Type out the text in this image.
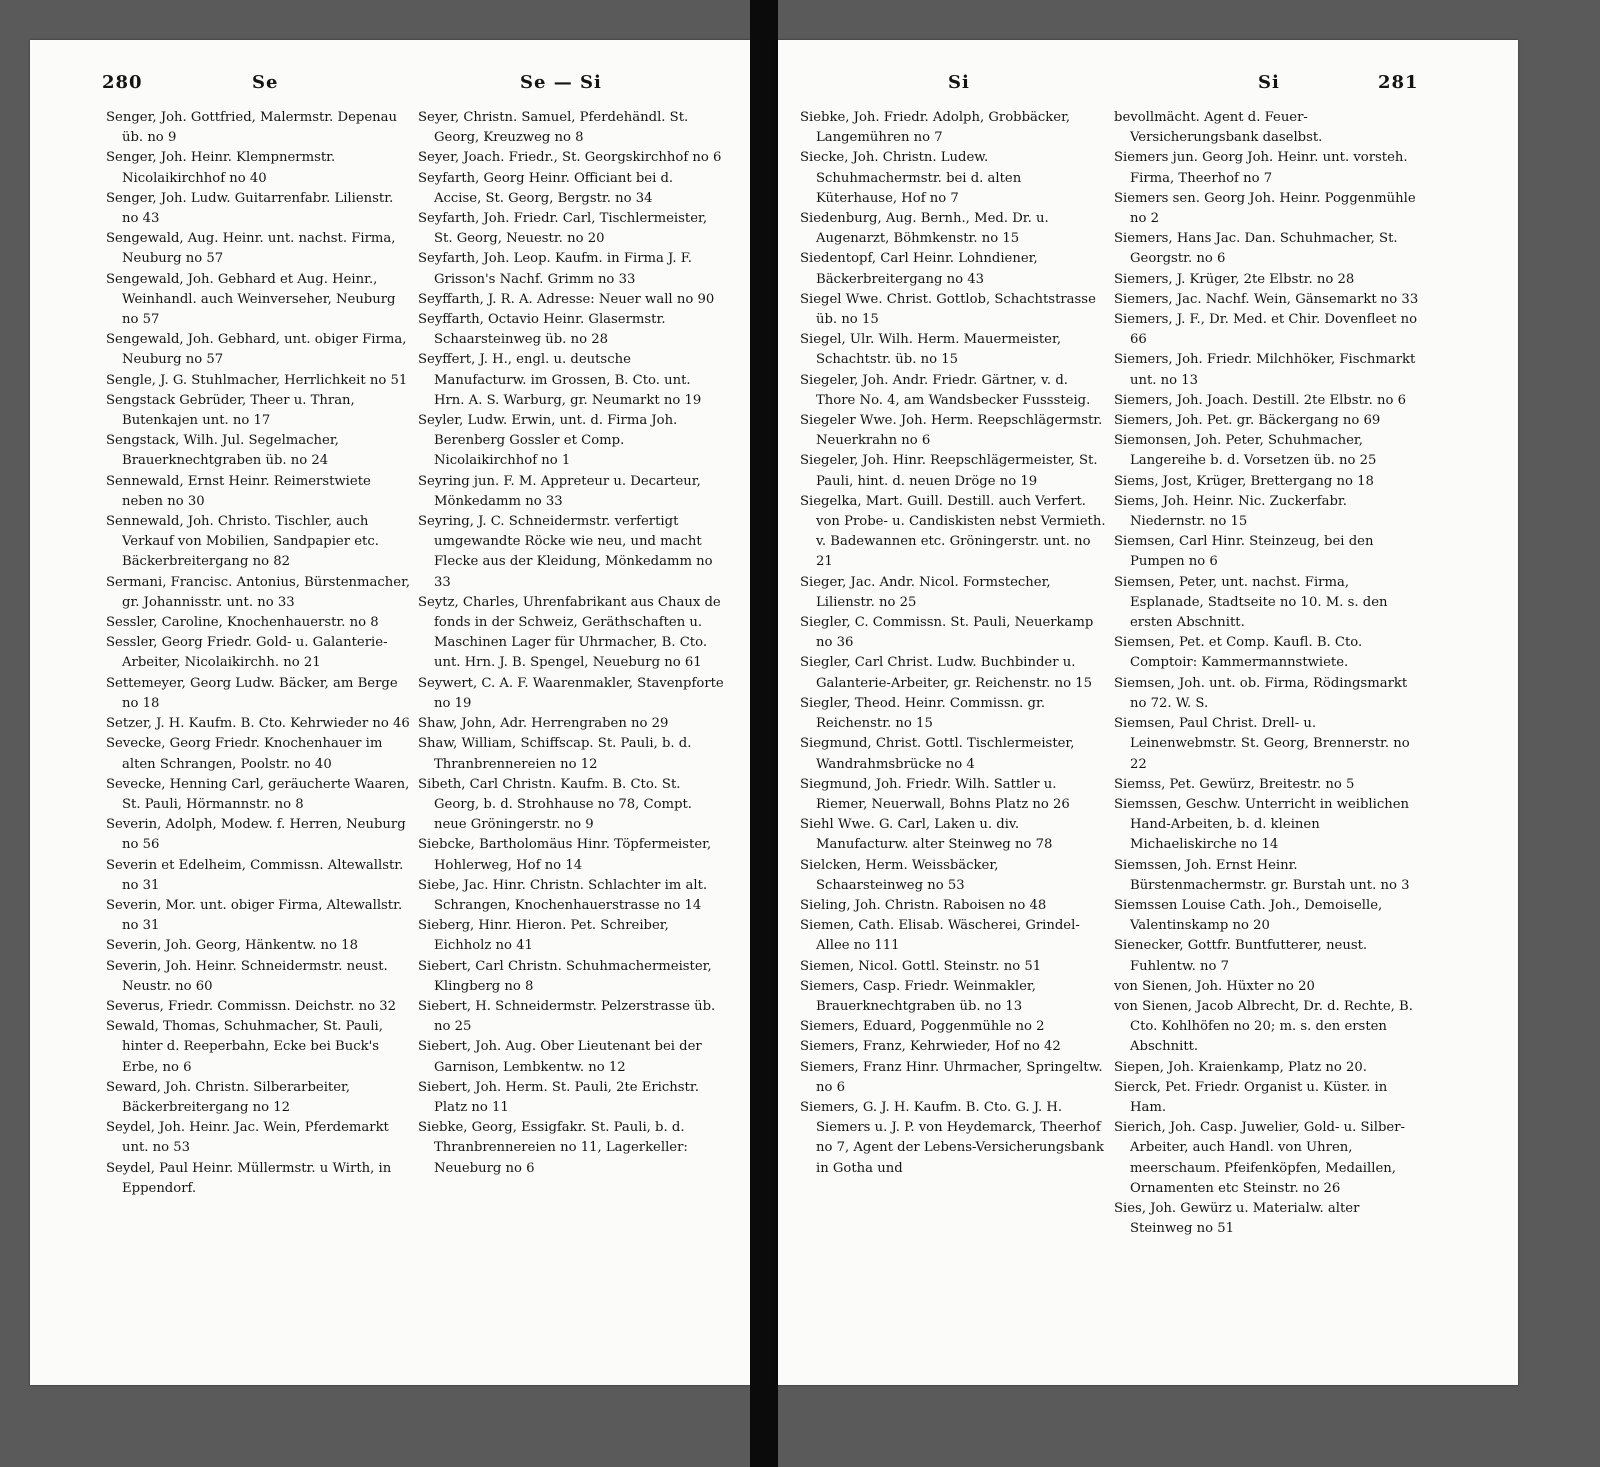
280	Se	Se — Si

Senger, Joh. Gottfried, Malermstr. Depenau üb. no 9

Senger, Joh. Heinr. Klempnermstr. Nicolaikirchhof no 40

Senger, Joh. Ludw. Guitarrenfabr. Lilienstr. no 43

Sengewald, Aug. Heinr. unt. nachst. Firma, Neuburg no 57

Sengewald, Joh. Gebhard et Aug. Heinr., Weinhandl. auch Weinverseher, Neuburg no 57

Sengewald, Joh. Gebhard, unt. obiger Firma, Neuburg no 57

Sengle, J. G. Stuhlmacher, Herrlichkeit no 51

Sengstack Gebrüder, Theer u. Thran, Butenkajen unt. no 17

Sengstack, Wilh. Jul. Segelmacher, Brauerknechtgraben üb. no 24

Sennewald, Ernst Heinr. Reimerstwiete neben no 30

Sennewald, Joh. Christo. Tischler, auch Verkauf von Mobilien, Sandpapier etc. Bäckerbreitergang no 82

Sermani, Francisc. Antonius, Bürstenmacher, gr. Johannisstr. unt. no 33

Sessler, Caroline, Knochenhauerstr. no 8

Sessler, Georg Friedr. Gold- u. Galanterie-Arbeiter, Nicolaikirchh. no 21

Settemeyer, Georg Ludw. Bäcker, am Berge no 18

Setzer, J. H. Kaufm. B. Cto. Kehrwieder no 46

Sevecke, Georg Friedr. Knochenhauer im alten Schrangen, Poolstr. no 40

Sevecke, Henning Carl, geräucherte Waaren, St. Pauli, Hörmannstr. no 8

Severin, Adolph, Modew. f. Herren, Neuburg no 56

Severin et Edelheim, Commissn. Altewallstr. no 31

Severin, Mor. unt. obiger Firma, Altewallstr. no 31

Severin, Joh. Georg, Hänkentw. no 18

Severin, Joh. Heinr. Schneidermstr. neust. Neustr. no 60

Severus, Friedr. Commissn. Deichstr. no 32

Sewald, Thomas, Schuhmacher, St. Pauli, hinter d. Reeperbahn, Ecke bei Buck's Erbe, no 6

Seward, Joh. Christn. Silberarbeiter, Bäckerbreitergang no 12

Seydel, Joh. Heinr. Jac. Wein, Pferdemarkt unt. no 53

Seydel, Paul Heinr. Müllermstr. u Wirth, in Eppendorf.

Seyer, Christn. Samuel, Pferdehändl. St. Georg, Kreuzweg no 8

Seyer, Joach. Friedr., St. Georgskirchhof no 6

Seyfarth, Georg Heinr. Officiant bei d. Accise, St. Georg, Bergstr. no 34

Seyfarth, Joh. Friedr. Carl, Tischlermeister, St. Georg, Neuestr. no 20

Seyfarth, Joh. Leop. Kaufm. in Firma J. F. Grisson's Nachf. Grimm no 33

Seyffarth, J. R. A. Adresse: Neuer wall no 90

Seyffarth, Octavio Heinr. Glasermstr. Schaarsteinweg üb. no 28

Seyffert, J. H., engl. u. deutsche Manufacturw. im Grossen, B. Cto. unt. Hrn. A. S. Warburg, gr. Neumarkt no 19

Seyler, Ludw. Erwin, unt. d. Firma Joh. Berenberg Gossler et Comp. Nicolaikirchhof no 1

Seyring jun. F. M. Appreteur u. Decarteur, Mönkedamm no 33

Seyring, J. C. Schneidermstr. verfertigt umgewandte Röcke wie neu, und macht Flecke aus der Kleidung, Mönkedamm no 33

Seytz, Charles, Uhrenfabrikant aus Chaux de fonds in der Schweiz, Geräthschaften u. Maschinen Lager für Uhrmacher, B. Cto. unt. Hrn. J. B. Spengel, Neueburg no 61

Seywert, C. A. F. Waarenmakler, Stavenpforte no 19

Shaw, John, Adr. Herrengraben no 29

Shaw, William, Schiffscap. St. Pauli, b. d. Thranbrennereien no 12

Sibeth, Carl Christn. Kaufm. B. Cto. St. Georg, b. d. Strohhause no 78, Compt. neue Gröningerstr. no 9

Siebcke, Bartholomäus Hinr. Töpfermeister, Hohlerweg, Hof no 14

Siebe, Jac. Hinr. Christn. Schlachter im alt. Schrangen, Knochenhauerstrasse no 14

Sieberg, Hinr. Hieron. Pet. Schreiber, Eichholz no 41

Siebert, Carl Christn. Schuhmachermeister, Klingberg no 8

Siebert, H. Schneidermstr. Pelzerstrasse üb. no 25

Siebert, Joh. Aug. Ober Lieutenant bei der Garnison, Lembkentw. no 12

Siebert, Joh. Herm. St. Pauli, 2te Erichstr. Platz no 11

Siebke, Georg, Essigfakr. St. Pauli, b. d. Thranbrennereien no 11, Lagerkeller: Neueburg no 6

Si	Si	281

Siebke, Joh. Friedr. Adolph, Grobbäcker, Langemühren no 7

Siecke, Joh. Christn. Ludew. Schuhmachermstr. bei d. alten Küterhause, Hof no 7

Siedenburg, Aug. Bernh., Med. Dr. u. Augenarzt, Böhmkenstr. no 15

Siedentopf, Carl Heinr. Lohndiener, Bäckerbreitergang no 43

Siegel Wwe. Christ. Gottlob, Schachtstrasse üb. no 15

Siegel, Ulr. Wilh. Herm. Mauermeister, Schachtstr. üb. no 15

Siegeler, Joh. Andr. Friedr. Gärtner, v. d. Thore No. 4, am Wandsbecker Fusssteig.

Siegeler Wwe. Joh. Herm. Reepschlägermstr. Neuerkrahn no 6

Siegeler, Joh. Hinr. Reepschlägermeister, St. Pauli, hint. d. neuen Dröge no 19

Siegelka, Mart. Guill. Destill. auch Verfert. von Probe- u. Candiskisten nebst Vermieth. v. Badewannen etc. Gröningerstr. unt. no 21

Sieger, Jac. Andr. Nicol. Formstecher, Lilienstr. no 25

Siegler, C. Commissn. St. Pauli, Neuerkamp no 36

Siegler, Carl Christ. Ludw. Buchbinder u. Galanterie-Arbeiter, gr. Reichenstr. no 15

Siegler, Theod. Heinr. Commissn. gr. Reichenstr. no 15

Siegmund, Christ. Gottl. Tischlermeister, Wandrahmsbrücke no 4

Siegmund, Joh. Friedr. Wilh. Sattler u. Riemer, Neuerwall, Bohns Platz no 26

Siehl Wwe. G. Carl, Laken u. div. Manufacturw. alter Steinweg no 78

Sielcken, Herm. Weissbäcker, Schaarsteinweg no 53

Sieling, Joh. Christn. Raboisen no 48

Siemen, Cath. Elisab. Wäscherei, Grindel-Allee no 111

Siemen, Nicol. Gottl. Steinstr. no 51

Siemers, Casp. Friedr. Weinmakler, Brauerknechtgraben üb. no 13

Siemers, Eduard, Poggenmühle no 2

Siemers, Franz, Kehrwieder, Hof no 42

Siemers, Franz Hinr. Uhrmacher, Springeltw. no 6

Siemers, G. J. H. Kaufm. B. Cto. G. J. H. Siemers u. J. P. von Heydemarck, Theerhof no 7, Agent der Lebens-Versicherungsbank in Gotha und

bevollmächt. Agent d. Feuer-Versicherungsbank daselbst.

Siemers jun. Georg Joh. Heinr. unt. vorsteh. Firma, Theerhof no 7

Siemers sen. Georg Joh. Heinr. Poggenmühle no 2

Siemers, Hans Jac. Dan. Schuhmacher, St. Georgstr. no 6

Siemers, J. Krüger, 2te Elbstr. no 28

Siemers, Jac. Nachf. Wein, Gänsemarkt no 33

Siemers, J. F., Dr. Med. et Chir. Dovenfleet no 66

Siemers, Joh. Friedr. Milchhöker, Fischmarkt unt. no 13

Siemers, Joh. Joach. Destill. 2te Elbstr. no 6

Siemers, Joh. Pet. gr. Bäckergang no 69

Siemonsen, Joh. Peter, Schuhmacher, Langereihe b. d. Vorsetzen üb. no 25

Siems, Jost, Krüger, Brettergang no 18

Siems, Joh. Heinr. Nic. Zuckerfabr. Niedernstr. no 15

Siemsen, Carl Hinr. Steinzeug, bei den Pumpen no 6

Siemsen, Peter, unt. nachst. Firma, Esplanade, Stadtseite no 10. M. s. den ersten Abschnitt.

Siemsen, Pet. et Comp. Kaufl. B. Cto. Comptoir: Kammermannstwiete.

Siemsen, Joh. unt. ob. Firma, Rödingsmarkt no 72. W. S.

Siemsen, Paul Christ. Drell- u. Leinenwebmstr. St. Georg, Brennerstr. no 22

Siemss, Pet. Gewürz, Breitestr. no 5

Siemssen, Geschw. Unterricht in weiblichen Hand-Arbeiten, b. d. kleinen Michaeliskirche no 14

Siemssen, Joh. Ernst Heinr. Bürstenmachermstr. gr. Burstah unt. no 3

Siemssen Louise Cath. Joh., Demoiselle, Valentinskamp no 20

Sienecker, Gottfr. Buntfutterer, neust. Fuhlentw. no 7

von Sienen, Joh. Hüxter no 20

von Sienen, Jacob Albrecht, Dr. d. Rechte, B. Cto. Kohlhöfen no 20; m. s. den ersten Abschnitt.

Siepen, Joh. Kraienkamp, Platz no 20.

Sierck, Pet. Friedr. Organist u. Küster. in Ham.

Sierich, Joh. Casp. Juwelier, Gold- u. Silber-Arbeiter, auch Handl. von Uhren, meerschaum. Pfeifenköpfen, Medaillen, Ornamenten etc Steinstr. no 26

Sies, Joh. Gewürz u. Materialw. alter Steinweg no 51
